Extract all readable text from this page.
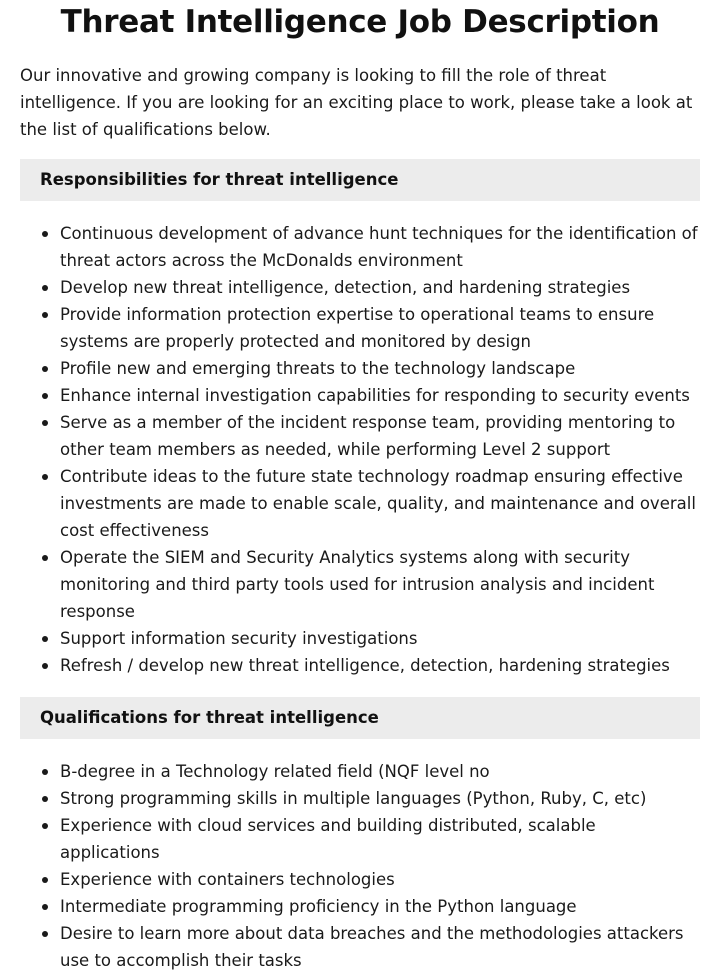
Threat Intelligence Job Description

Our innovative and growing company is looking to fill the role of threat intelligence. If you are looking for an exciting place to work, please take a look at the list of qualifications below.

Responsibilities for threat intelligence
Continuous development of advance hunt techniques for the identification of threat actors across the McDonalds environment
Develop new threat intelligence, detection, and hardening strategies
Provide information protection expertise to operational teams to ensure systems are properly protected and monitored by design
Profile new and emerging threats to the technology landscape
Enhance internal investigation capabilities for responding to security events
Serve as a member of the incident response team, providing mentoring to other team members as needed, while performing Level 2 support
Contribute ideas to the future state technology roadmap ensuring effective investments are made to enable scale, quality, and maintenance and overall cost effectiveness
Operate the SIEM and Security Analytics systems along with security monitoring and third party tools used for intrusion analysis and incident response
Support information security investigations
Refresh / develop new threat intelligence, detection, hardening strategies
Qualifications for threat intelligence
B-degree in a Technology related field (NQF level no
Strong programming skills in multiple languages (Python, Ruby, C, etc)
Experience with cloud services and building distributed, scalable applications
Experience with containers technologies
Intermediate programming proficiency in the Python language
Desire to learn more about data breaches and the methodologies attackers use to accomplish their tasks
